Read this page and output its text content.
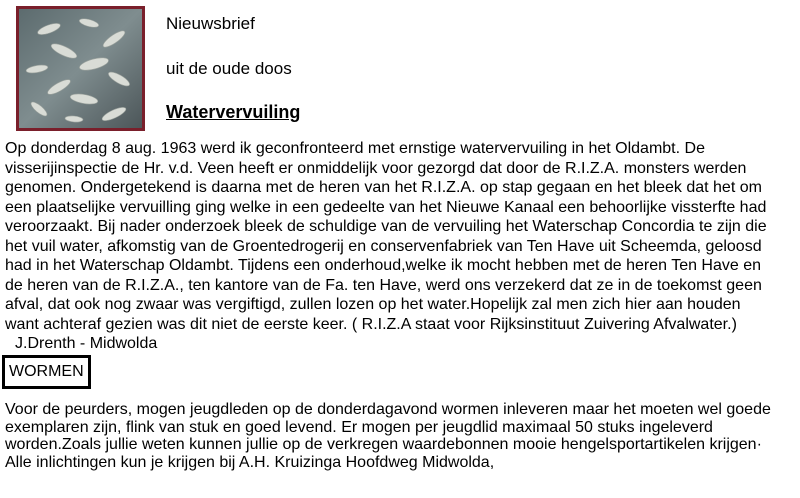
Nieuwsbrief
uit de oude doos
Watervervuiling

Op donderdag 8 aug. 1963 werd ik geconfronteerd met ernstige watervervuiling in het Oldambt. De

visserijinspectie de Hr. v.d. Veen heeft er onmiddelijk voor gezorgd dat door de R.I.Z.A. monsters werden

genomen. Ondergetekend is daarna met de heren van het R.I.Z.A. op stap gegaan en het bleek dat het om

een plaatselijke vervuilling ging welke in een gedeelte van het Nieuwe Kanaal een behoorlijke vissterfte had

veroorzaakt. Bij nader onderzoek bleek de schuldige van de vervuiling het Waterschap Concordia te zijn die

het vuil water, afkomstig van de Groentedrogerij en conservenfabriek van Ten Have uit Scheemda, geloosd

had in het Waterschap Oldambt. Tijdens een onderhoud,welke ik mocht hebben met de heren Ten Have en

de heren van de R.I.Z.A., ten kantore van de Fa. ten Have, werd ons verzekerd dat ze in de toekomst geen

afval, dat ook nog zwaar was vergiftigd, zullen lozen op het water.Hopelijk zal men zich hier aan houden

want achteraf gezien was dit niet de eerste keer. ( R.I.Z.A staat voor Rijksinstituut Zuivering Afvalwater.)

J.Drenth - Midwolda

WORMEN

Voor de peurders, mogen jeugdleden op de donderdagavond wormen inleveren maar het moeten wel goede

exemplaren zijn, flink van stuk en goed levend. Er mogen per jeugdlid maximaal 50 stuks ingeleverd

worden.Zoals jullie weten kunnen jullie op de verkregen waardebonnen mooie hengelsportartikelen krijgen·

Alle inlichtingen kun je krijgen bij A.H. Kruizinga Hoofdweg Midwolda,
